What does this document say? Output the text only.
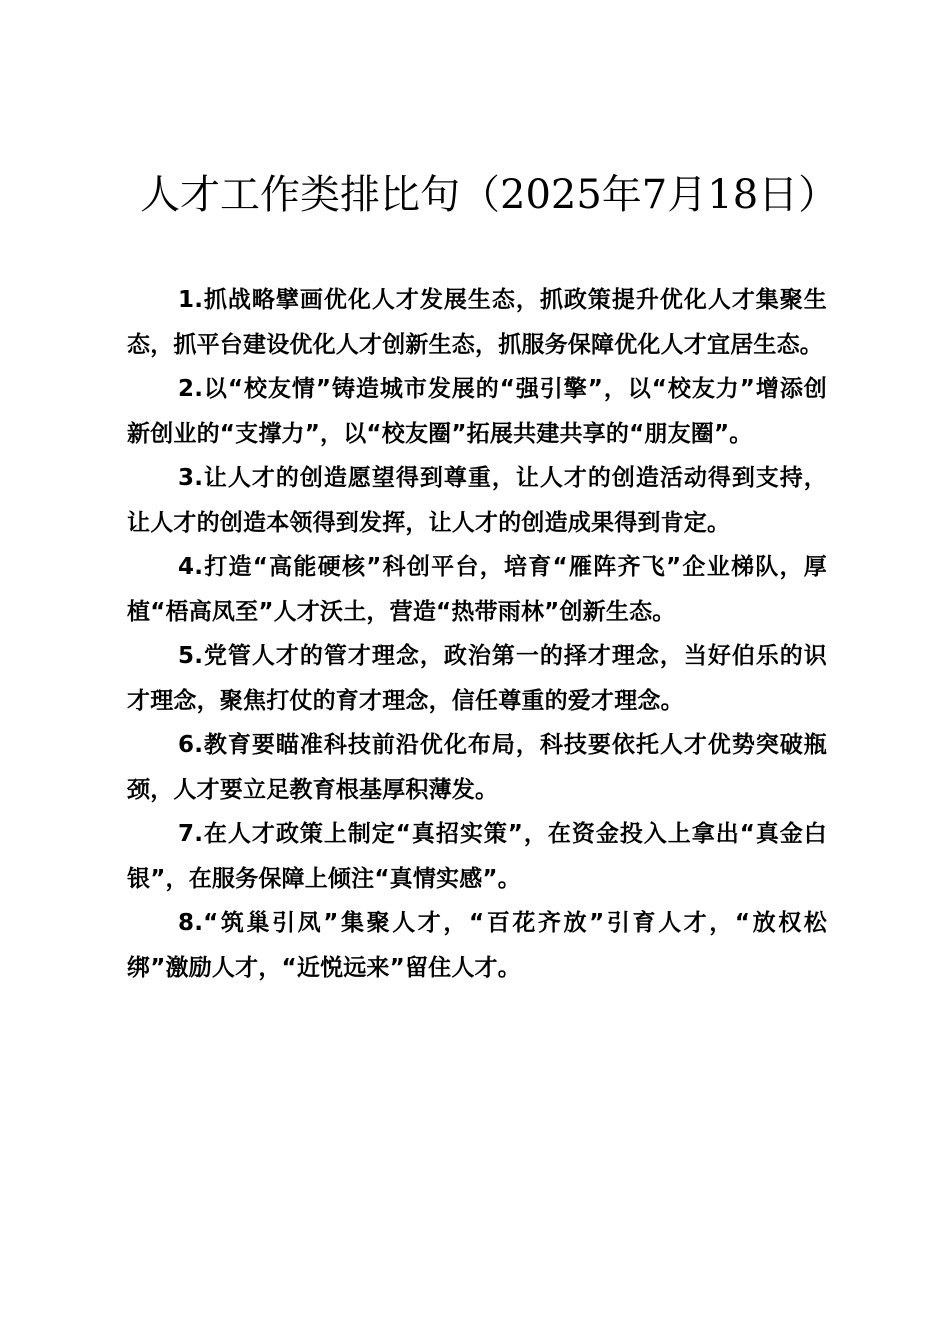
人才工作类排比句（2025年7月18日）

1.抓战略擘画优化人才发展生态，抓政策提升优化人才集聚生态，抓平台建设优化人才创新生态，抓服务保障优化人才宜居生态。

2.以“校友情”铸造城市发展的“强引擎”，以“校友力”增添创新创业的“支撑力”，以“校友圈”拓展共建共享的“朋友圈”。

3.让人才的创造愿望得到尊重，让人才的创造活动得到支持，让人才的创造本领得到发挥，让人才的创造成果得到肯定。

4.打造“高能硬核”科创平台，培育“雁阵齐飞”企业梯队，厚植“梧高凤至”人才沃土，营造“热带雨林”创新生态。

5.党管人才的管才理念，政治第一的择才理念，当好伯乐的识才理念，聚焦打仗的育才理念，信任尊重的爱才理念。

6.教育要瞄准科技前沿优化布局，科技要依托人才优势突破瓶颈，人才要立足教育根基厚积薄发。

7.在人才政策上制定“真招实策”，在资金投入上拿出“真金白银”，在服务保障上倾注“真情实感”。

8.“筑巢引凤”集聚人才，“百花齐放”引育人才，“放权松绑”激励人才，“近悦远来”留住人才。
